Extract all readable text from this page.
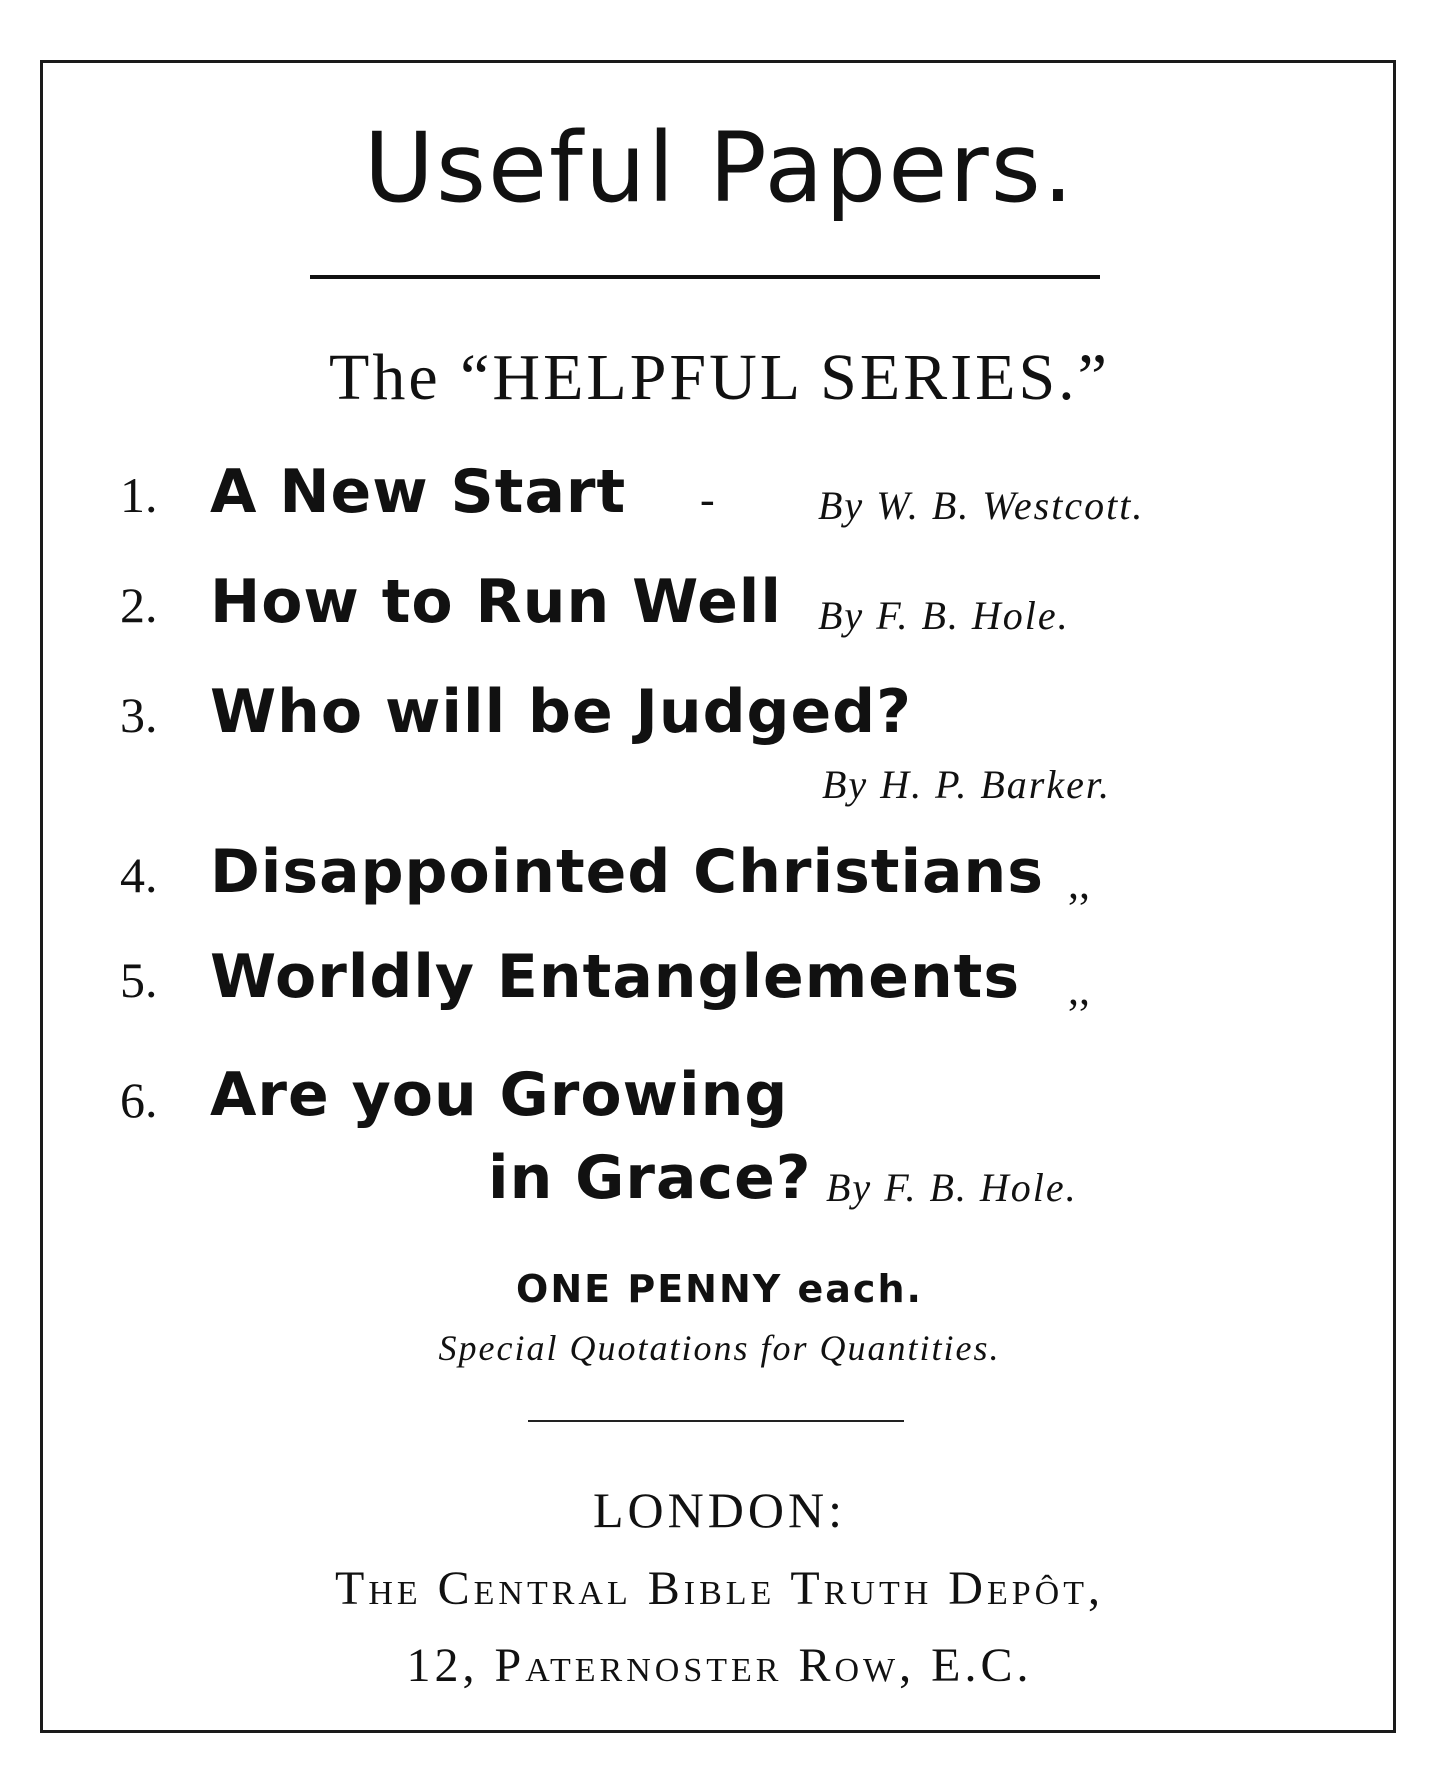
Useful Papers.
The “HELPFUL SERIES.”
1. A New Start -	By W. B. Westcott.
2. How to Run Well By F. B. Hole.
3. Who will be Judged?
By H. P. Barker.
4. Disappointed Christians ,,
5. Worldly Entanglements ,,
6. Are you Growing
in Grace? By F. B. Hole.
ONE PENNY each.
Special Quotations for Quantities.
LONDON:
The Central Bible Truth Depôt,
12, Paternoster Row, E.C.
